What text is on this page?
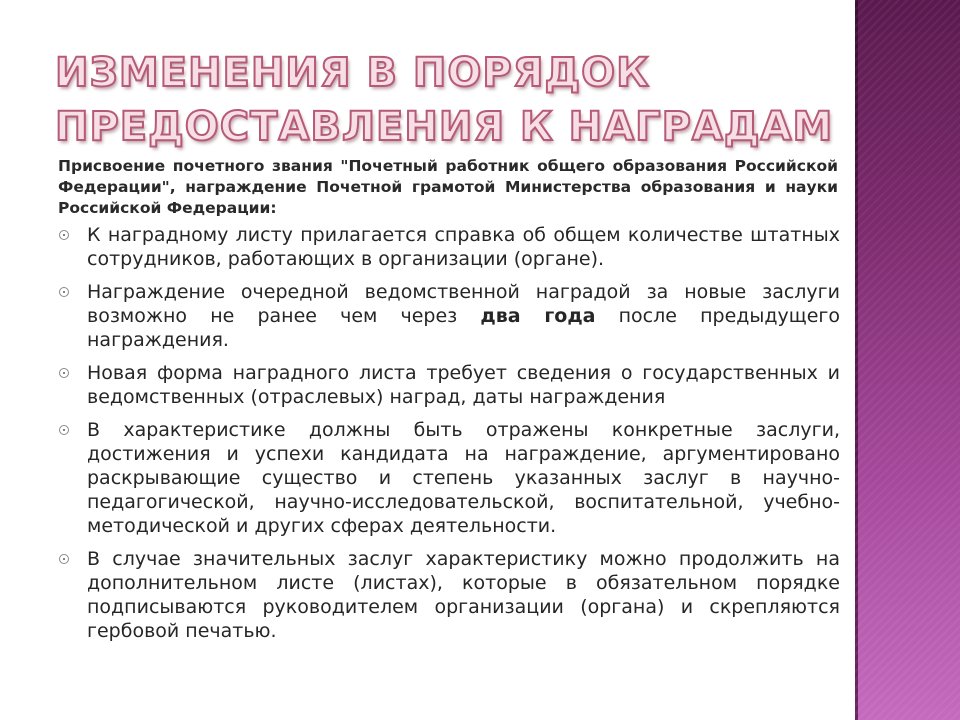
ИЗМЕНЕНИЯ В ПОРЯДОК
ПРЕДОСТАВЛЕНИЯ К НАГРАДАМ

Присвоение почетного звания "Почетный работник общего образования Российской Федерации", награждение Почетной грамотой Министерства образования и науки Российской Федерации:

К наградному листу прилагается справка об общем количестве штатных сотрудников, работающих в организации (органе).
Награждение очередной ведомственной наградой за новые заслуги возможно не ранее чем через два года после предыдущего награждения.
Новая форма наградного листа требует сведения о государственных и ведомственных (отраслевых) наград, даты награждения
В характеристике должны быть отражены конкретные заслуги, достижения и успехи кандидата на награждение, аргументировано раскрывающие существо и степень указанных заслуг в научно-педагогической, научно-исследовательской, воспитательной, учебно-методической и других сферах деятельности.
В случае значительных заслуг характеристику можно продолжить на дополнительном листе (листах), которые в обязательном порядке подписываются руководителем организации (органа) и скрепляются гербовой печатью.
